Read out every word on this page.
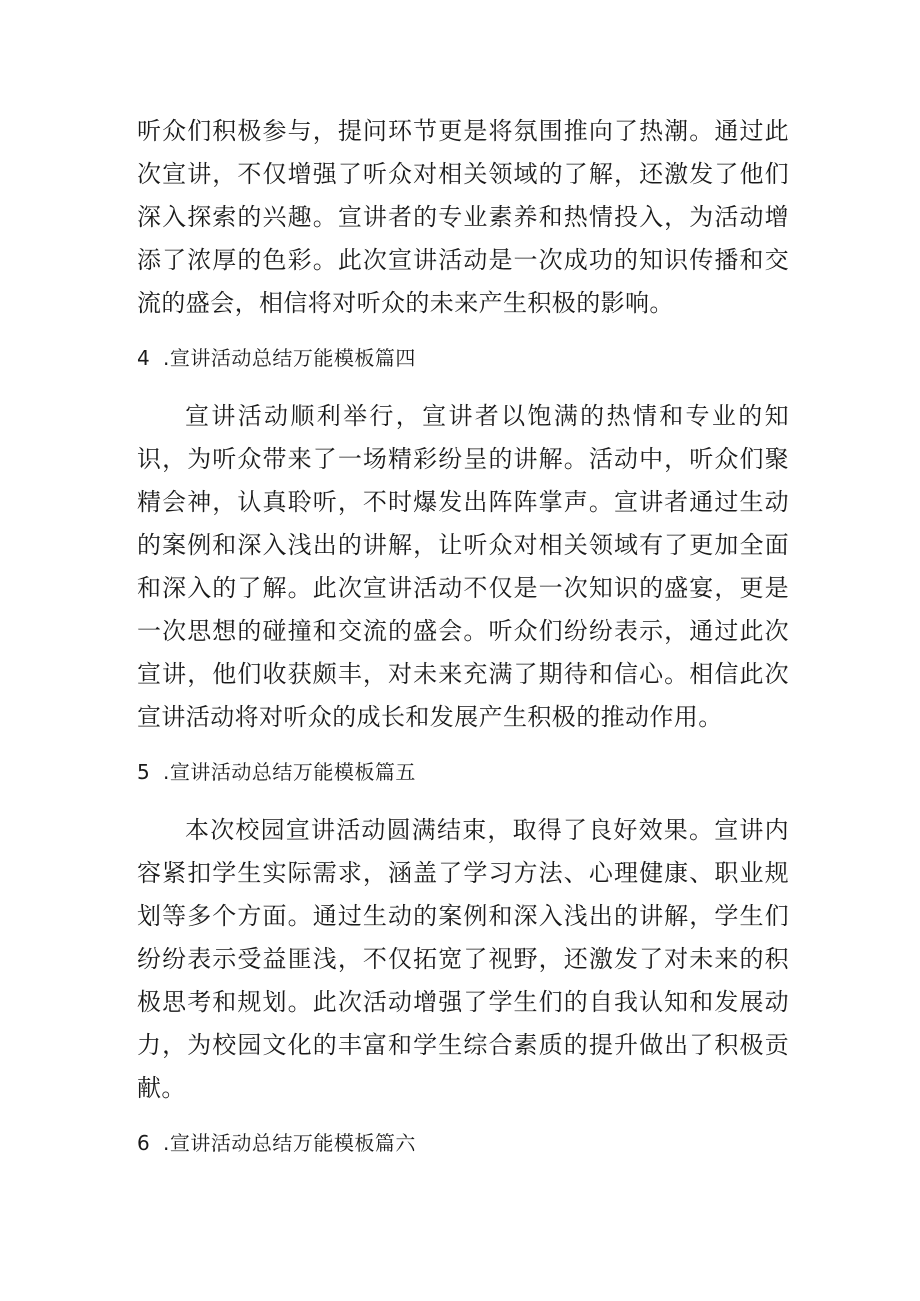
听众们积极参与，提问环节更是将氛围推向了热潮。通过此次宣讲，不仅增强了听众对相关领域的了解，还激发了他们深入探索的兴趣。宣讲者的专业素养和热情投入，为活动增添了浓厚的色彩。此次宣讲活动是一次成功的知识传播和交流的盛会，相信将对听众的未来产生积极的影响。

4 .宣讲活动总结万能模板篇四

宣讲活动顺利举行，宣讲者以饱满的热情和专业的知识，为听众带来了一场精彩纷呈的讲解。活动中，听众们聚精会神，认真聆听，不时爆发出阵阵掌声。宣讲者通过生动的案例和深入浅出的讲解，让听众对相关领域有了更加全面和深入的了解。此次宣讲活动不仅是一次知识的盛宴，更是一次思想的碰撞和交流的盛会。听众们纷纷表示，通过此次宣讲，他们收获颇丰，对未来充满了期待和信心。相信此次宣讲活动将对听众的成长和发展产生积极的推动作用。

5 .宣讲活动总结万能模板篇五

本次校园宣讲活动圆满结束，取得了良好效果。宣讲内容紧扣学生实际需求，涵盖了学习方法、心理健康、职业规划等多个方面。通过生动的案例和深入浅出的讲解，学生们纷纷表示受益匪浅，不仅拓宽了视野，还激发了对未来的积极思考和规划。此次活动增强了学生们的自我认知和发展动力，为校园文化的丰富和学生综合素质的提升做出了积极贡献。

6 .宣讲活动总结万能模板篇六
